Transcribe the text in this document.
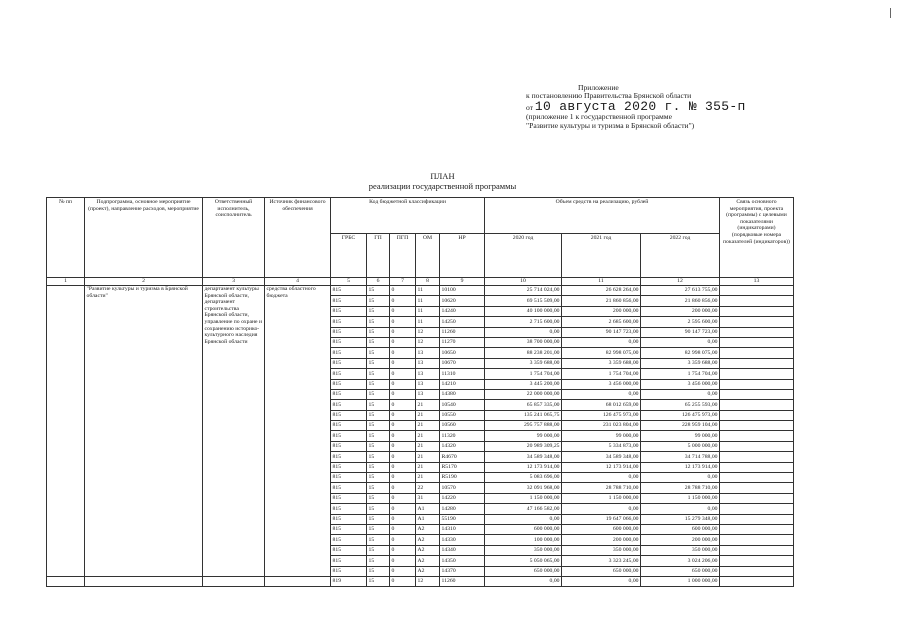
Приложение
к постановлению Правительства Брянской области
от 10 августа 2020 г. № 355-п
(приложение 1 к государственной программе
"Развитие культуры и туризма в Брянской области")
ПЛАН
реализации государственной программы
№ пп	Подпрограмма, основное мероприятие (проект), направление расходов, мероприятие	Ответственный исполнитель, соисполнитель	Источник финансового обеспечения	Код бюджетной классификации					Объем средств на реализацию, рублей			Связь основного мероприятия, проекта (программы) с целевыми показателями (индикаторами) (порядковые номера показателей (индикаторов))
				ГРБС	ГП	ПГП	ОМ	НР	2020 год	2021 год	2022 год	
1	2	3	4	5	6	7	8	9	10	11	12	13
	"Развитие культуры и туризма в Брянской области"	департамент культуры Брянской области, департамент строительства Брянской области, управление по охране и сохранению историко-культурного наследия Брянской области	средства областного бюджета	815	15	0	11	10100	25 714 024,00	26 628 264,00	27 613 755,00	
				815	15	0	11	10620	69 515 509,00	21 860 856,00	21 860 856,00	
				815	15	0	11	14240	40 100 000,00	200 000,00	200 000,00	
				815	15	0	11	14250	2 715 600,00	2 685 600,00	2 595 600,00	
				815	15	0	12	11260	0,00	90 147 723,00	90 147 723,00	
				815	15	0	12	11270	38 700 000,00	0,00	0,00	
				815	15	0	13	10650	88 238 201,00	82 998 075,00	82 998 075,00	
				815	15	0	13	10670	3 359 688,00	3 359 688,00	3 359 688,00	
				815	15	0	13	11310	1 754 704,00	1 754 704,00	1 754 704,00	
				815	15	0	13	14210	3 445 200,00	3 456 000,00	3 456 000,00	
				815	15	0	13	14380	22 000 000,00	0,00	0,00	
				815	15	0	21	10540	65 857 335,00	68 012 659,00	65 255 593,00	
				815	15	0	21	10550	135 241 065,75	126 475 973,00	126 475 973,00	
				815	15	0	21	10560	295 757 888,00	231 023 804,00	228 959 104,00	
				815	15	0	21	11320	99 000,00	99 000,00	99 000,00	
				815	15	0	21	14320	20 989 309,25	5 334 873,00	5 000 000,00	
				815	15	0	21	R4670	34 589 348,00	34 589 348,00	34 714 788,00	
				815	15	0	21	R5170	12 173 914,00	12 173 914,00	12 173 914,00	
				815	15	0	21	R5190	5 083 696,00	0,00	0,00	
				815	15	0	22	10570	32 091 968,00	28 788 710,00	28 788 710,00	
				815	15	0	31	14220	1 150 000,00	1 150 000,00	1 150 000,00	
				815	15	0	A1	14280	47 166 582,00	0,00	0,00	
				815	15	0	A1	55190	0,00	19 647 066,00	15 279 348,00	
				815	15	0	A2	14310	600 000,00	600 000,00	600 000,00	
				815	15	0	A2	14330	100 000,00	200 000,00	200 000,00	
				815	15	0	A2	14340	350 000,00	350 000,00	350 000,00	
				815	15	0	A2	14350	5 050 065,00	3 323 245,00	3 024 206,00	
				815	15	0	A2	14370	650 000,00	650 000,00	650 000,00	
				819	15	0	12	11260	0,00	0,00	1 000 000,00	
